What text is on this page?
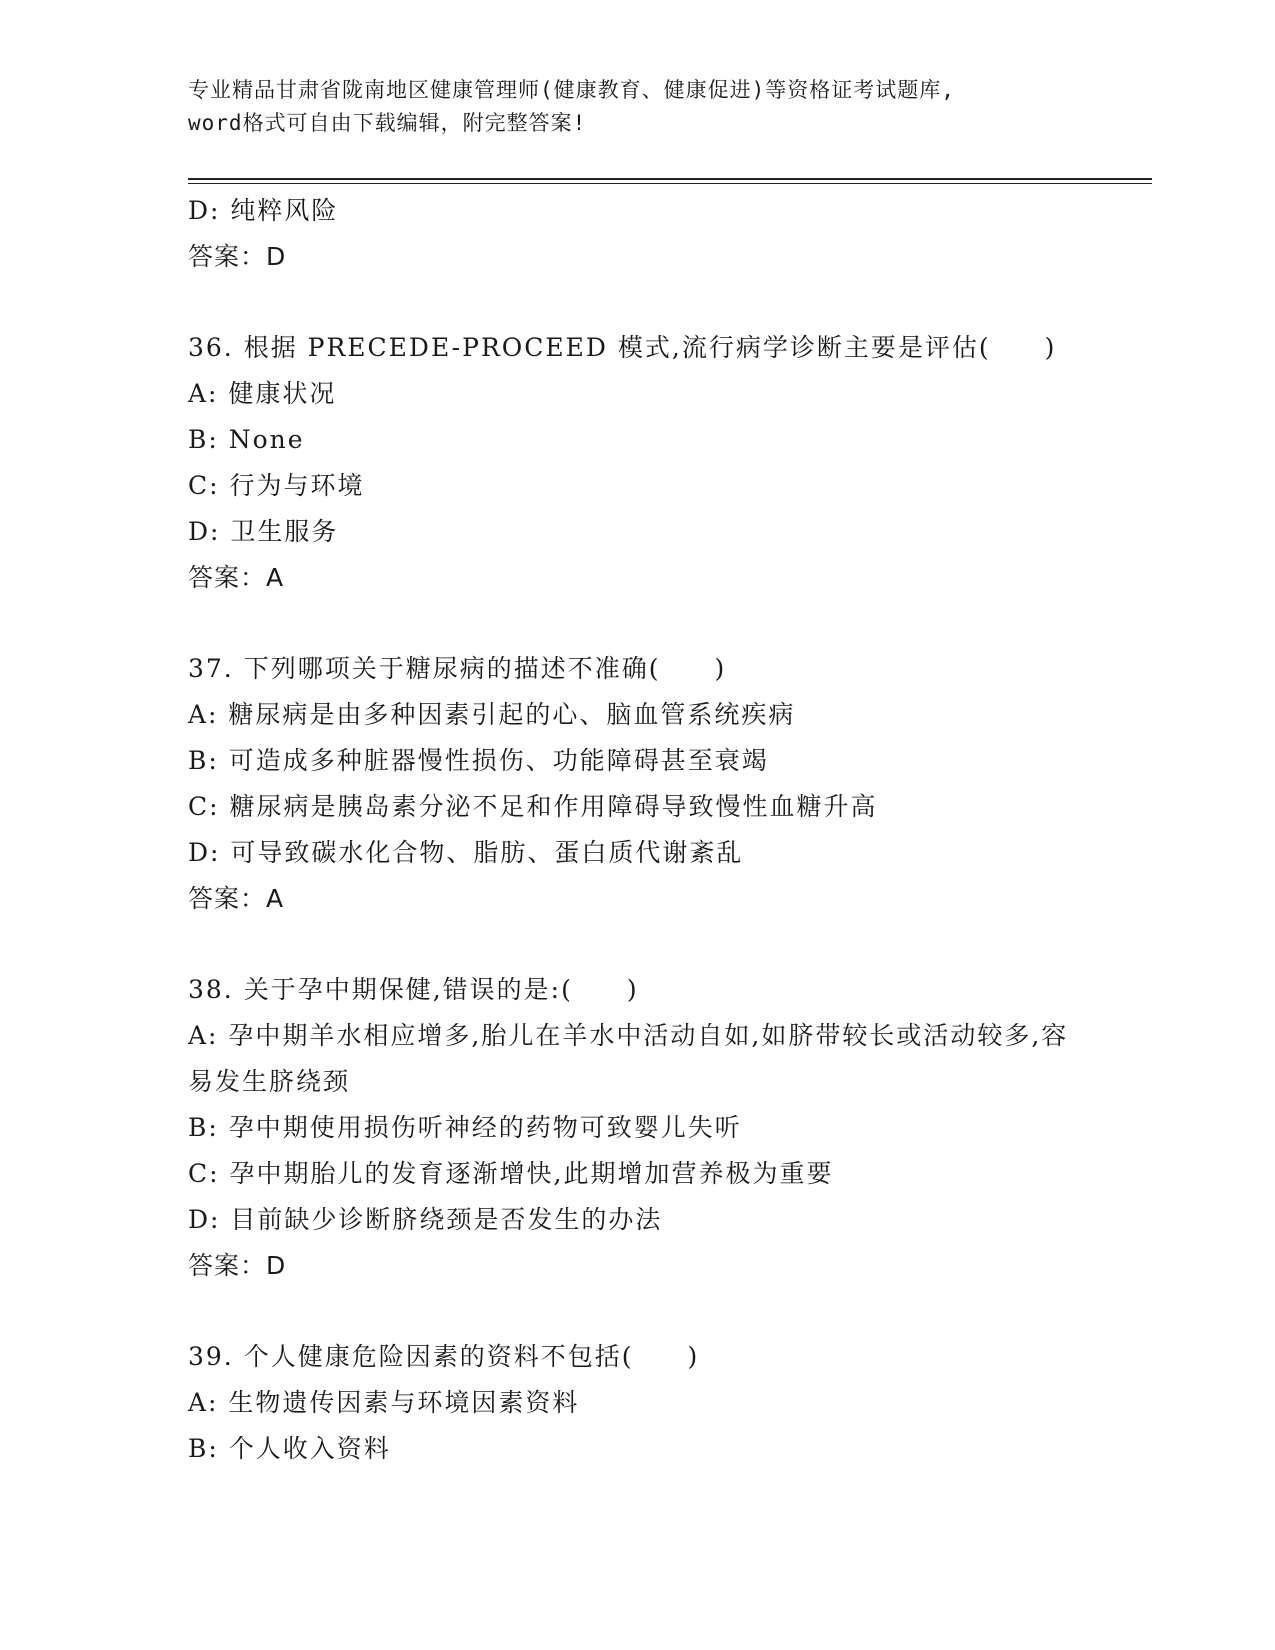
专业精品甘肃省陇南地区健康管理师(健康教育、健康促进)等资格证考试题库,
word格式可自由下载编辑，附完整答案!
D: 纯粹风险
答案：D
36. 根据 PRECEDE-PROCEED 模式,流行病学诊断主要是评估(　　)
A: 健康状况
B: None
C: 行为与环境
D: 卫生服务
答案：A
37. 下列哪项关于糖尿病的描述不准确(　　)
A: 糖尿病是由多种因素引起的心、脑血管系统疾病
B: 可造成多种脏器慢性损伤、功能障碍甚至衰竭
C: 糖尿病是胰岛素分泌不足和作用障碍导致慢性血糖升高
D: 可导致碳水化合物、脂肪、蛋白质代谢紊乱
答案：A
38. 关于孕中期保健,错误的是:(　　)
A: 孕中期羊水相应增多,胎儿在羊水中活动自如,如脐带较长或活动较多,容易发生脐绕颈
B: 孕中期使用损伤听神经的药物可致婴儿失听
C: 孕中期胎儿的发育逐渐增快,此期增加营养极为重要
D: 目前缺少诊断脐绕颈是否发生的办法
答案：D
39. 个人健康危险因素的资料不包括(　　)
A: 生物遗传因素与环境因素资料
B: 个人收入资料
